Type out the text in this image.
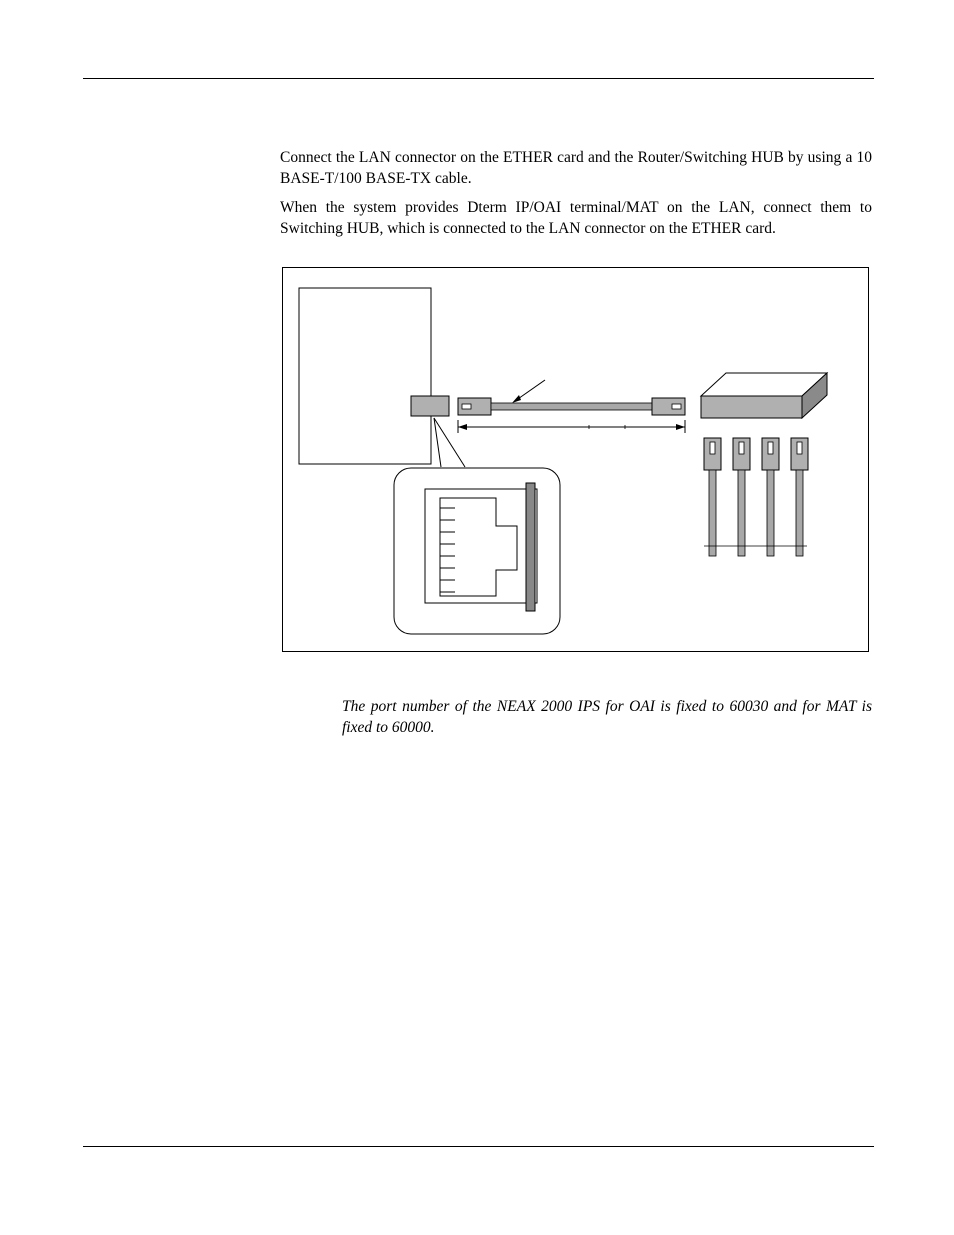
Connect the LAN connector on the ETHER card and the Router/Switching HUB by using a 10 BASE-T/100 BASE-TX cable.

When the system provides Dterm IP/OAI terminal/MAT on the LAN, connect them to Switching HUB, which is connected to the LAN connector on the ETHER card.

The port number of the NEAX 2000 IPS for OAI is fixed to 60030 and for MAT is fixed to 60000.
